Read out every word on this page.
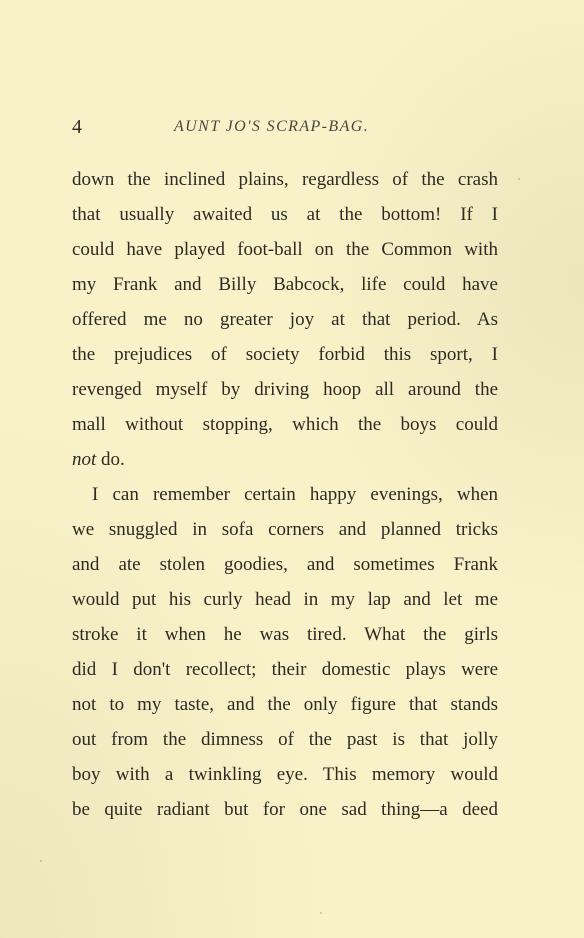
4	AUNT JO'S SCRAP-BAG.
down the inclined plains, regardless of the crash
that usually awaited us at the bottom! If I
could have played foot-ball on the Common with
my Frank and Billy Babcock, life could have
offered me no greater joy at that period. As
the prejudices of society forbid this sport, I
revenged myself by driving hoop all around the
mall without stopping, which the boys could
not do.
I can remember certain happy evenings, when
we snuggled in sofa corners and planned tricks
and ate stolen goodies, and sometimes Frank
would put his curly head in my lap and let me
stroke it when he was tired. What the girls
did I don't recollect; their domestic plays were
not to my taste, and the only figure that stands
out from the dimness of the past is that jolly
boy with a twinkling eye. This memory would
be quite radiant but for one sad thing—a deed
